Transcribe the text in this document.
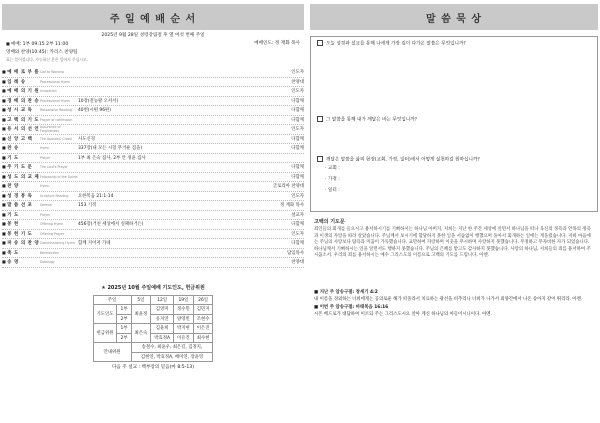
주 일 예 배 순 서
2025년 9월 28일 성령강림절 후 열 여섯 번째 주일
■예배: 1부 09:15 2부 11:00	예배인도: 정 재화 목사
영배와 찬양(10:45): 카리스 찬양팀
표는 일어섭니다. 가능하신 분은 일어서 주십시오.
■예 배 로 부 름 Call to Worship	인도자
■입 례 송	Processional Hymn	찬양대
■예 배 의 기 원 Invocation	인도자
■경 배 의 찬 송 Processional Hymn	10장(전능왕 오셔서)	다함께
■성 시 교 독	Responsive Reading	40번(시편 96편)	다함께
■고 백 의 기 도 Prayer of confession	다함께
■용 서 의 선 언 Assurance of Forgiveness	인도자
■신 앙 고 백	The Apostles' Creed	사도신경	다함께
■찬 송	Hymn	337장(내 모든 시험 무거운 짐을)	다함께
■기 도	Prayer	1부 최 은숙 집사, 2부 안 정윤 집사
■주 기 도 문	The Lord's Prayer	다함께
■성 도 의 교 제 Fellowship of the Saints	다함께
■찬 양	Hymn	글로리아 찬양대
■성 경 봉 독	Scripture Reading	요한복음 21:1-14	인도자
■말 씀 선 포	Sermon	153 기적	정 재화 목사
■기 도	Prayer	설교자
■봉 헌	Offering Hymn	456장(거친 세상에서 실패하거든)	다함께
■봉 헌 기 도	Offering Prayer	인도자
■파 송 의 찬 양 Commissioning Hymn 함께 지어져 가네	다함께
■축 도	Benediction	담임목사
■송 영	Doxology	찬양대
★ 2025년 10월 주일예배 기도인도, 헌금위원
주일		5일	12일	19일	26일
기도인도	1부	최윤정	김영미	정수민	김민지
	2부		유지연	양영빈	조현수
헌금위원	1부	최은숙	김윤희	박지현	이은진
	2부		박효정A	이유진	최수현
안내위원		송철수, 최윤우, 최은길, 김정지,			
		김현연, 박효정A, 배미연, 장윤영			
다음 주 설교 : 백부장의 믿음(마 8:5-13)
말 씀 묵 상
오늘 성경과 설교를 통해 나에게 가장 깊이 다가온 말씀은 무엇입니까?
그 말씀을 통해 내가 깨달은 바는 무엇입니까?
깨달은 말씀을 삶의 현장(교회, 가정, 일터)에서 어떻게 실천하길 원하십니까?
· 교회 :
· 가정 :
· 일터 :
고백의 기도문
죄인들의 회개를 들으시고 용서하시기를 기뻐하시는 하나님 아버지, 저희는 지난 한 주간 세상에 살면서 하나님을 떠나 육신의 정욕과 안목의 정욕과 이생의 자랑을 따라 살았습니다. 주님께서 보시기에 합당하지 못한 일을 서슴없이 행했으며 돌아서 회개하는 일에는 게을렀습니다. 저희 마음에는 주님의 사랑보다 탐욕과 미움이 가득했습니다. 교만하여 자랑하며 이웃을 무시하며 사랑하지 못했습니다. 무정하고 무자비한 자가 되었습니다. 하나님께서 기뻐하시는 일을 알면서도 행하지 못했습니다. 주님의 은혜를 받고도 감사하지 못했습니다. 사랑의 하나님, 저희들의 죄를 용서하여 주시옵소서. 우리의 죄를 용서하시는 예수 그리스도의 이름으로 고백의 기도를 드립니다. 아멘.
■ 지난 주 암송구절: 창세기 4:2
내 이름을 경외하는 너희에게는 공의로운 해가 떠올라서 치료하는 광선을 비추리니 너희가 나가서 외양간에서 나온 송아지 같이 뛰리라. 아멘.
■ 이번 주 암송구절: 마태복음 16:16
시몬 베드로가 대답하여 이르되 주는 그리스도시요 살아 계신 하나님의 아들이시니이다. 아멘.
